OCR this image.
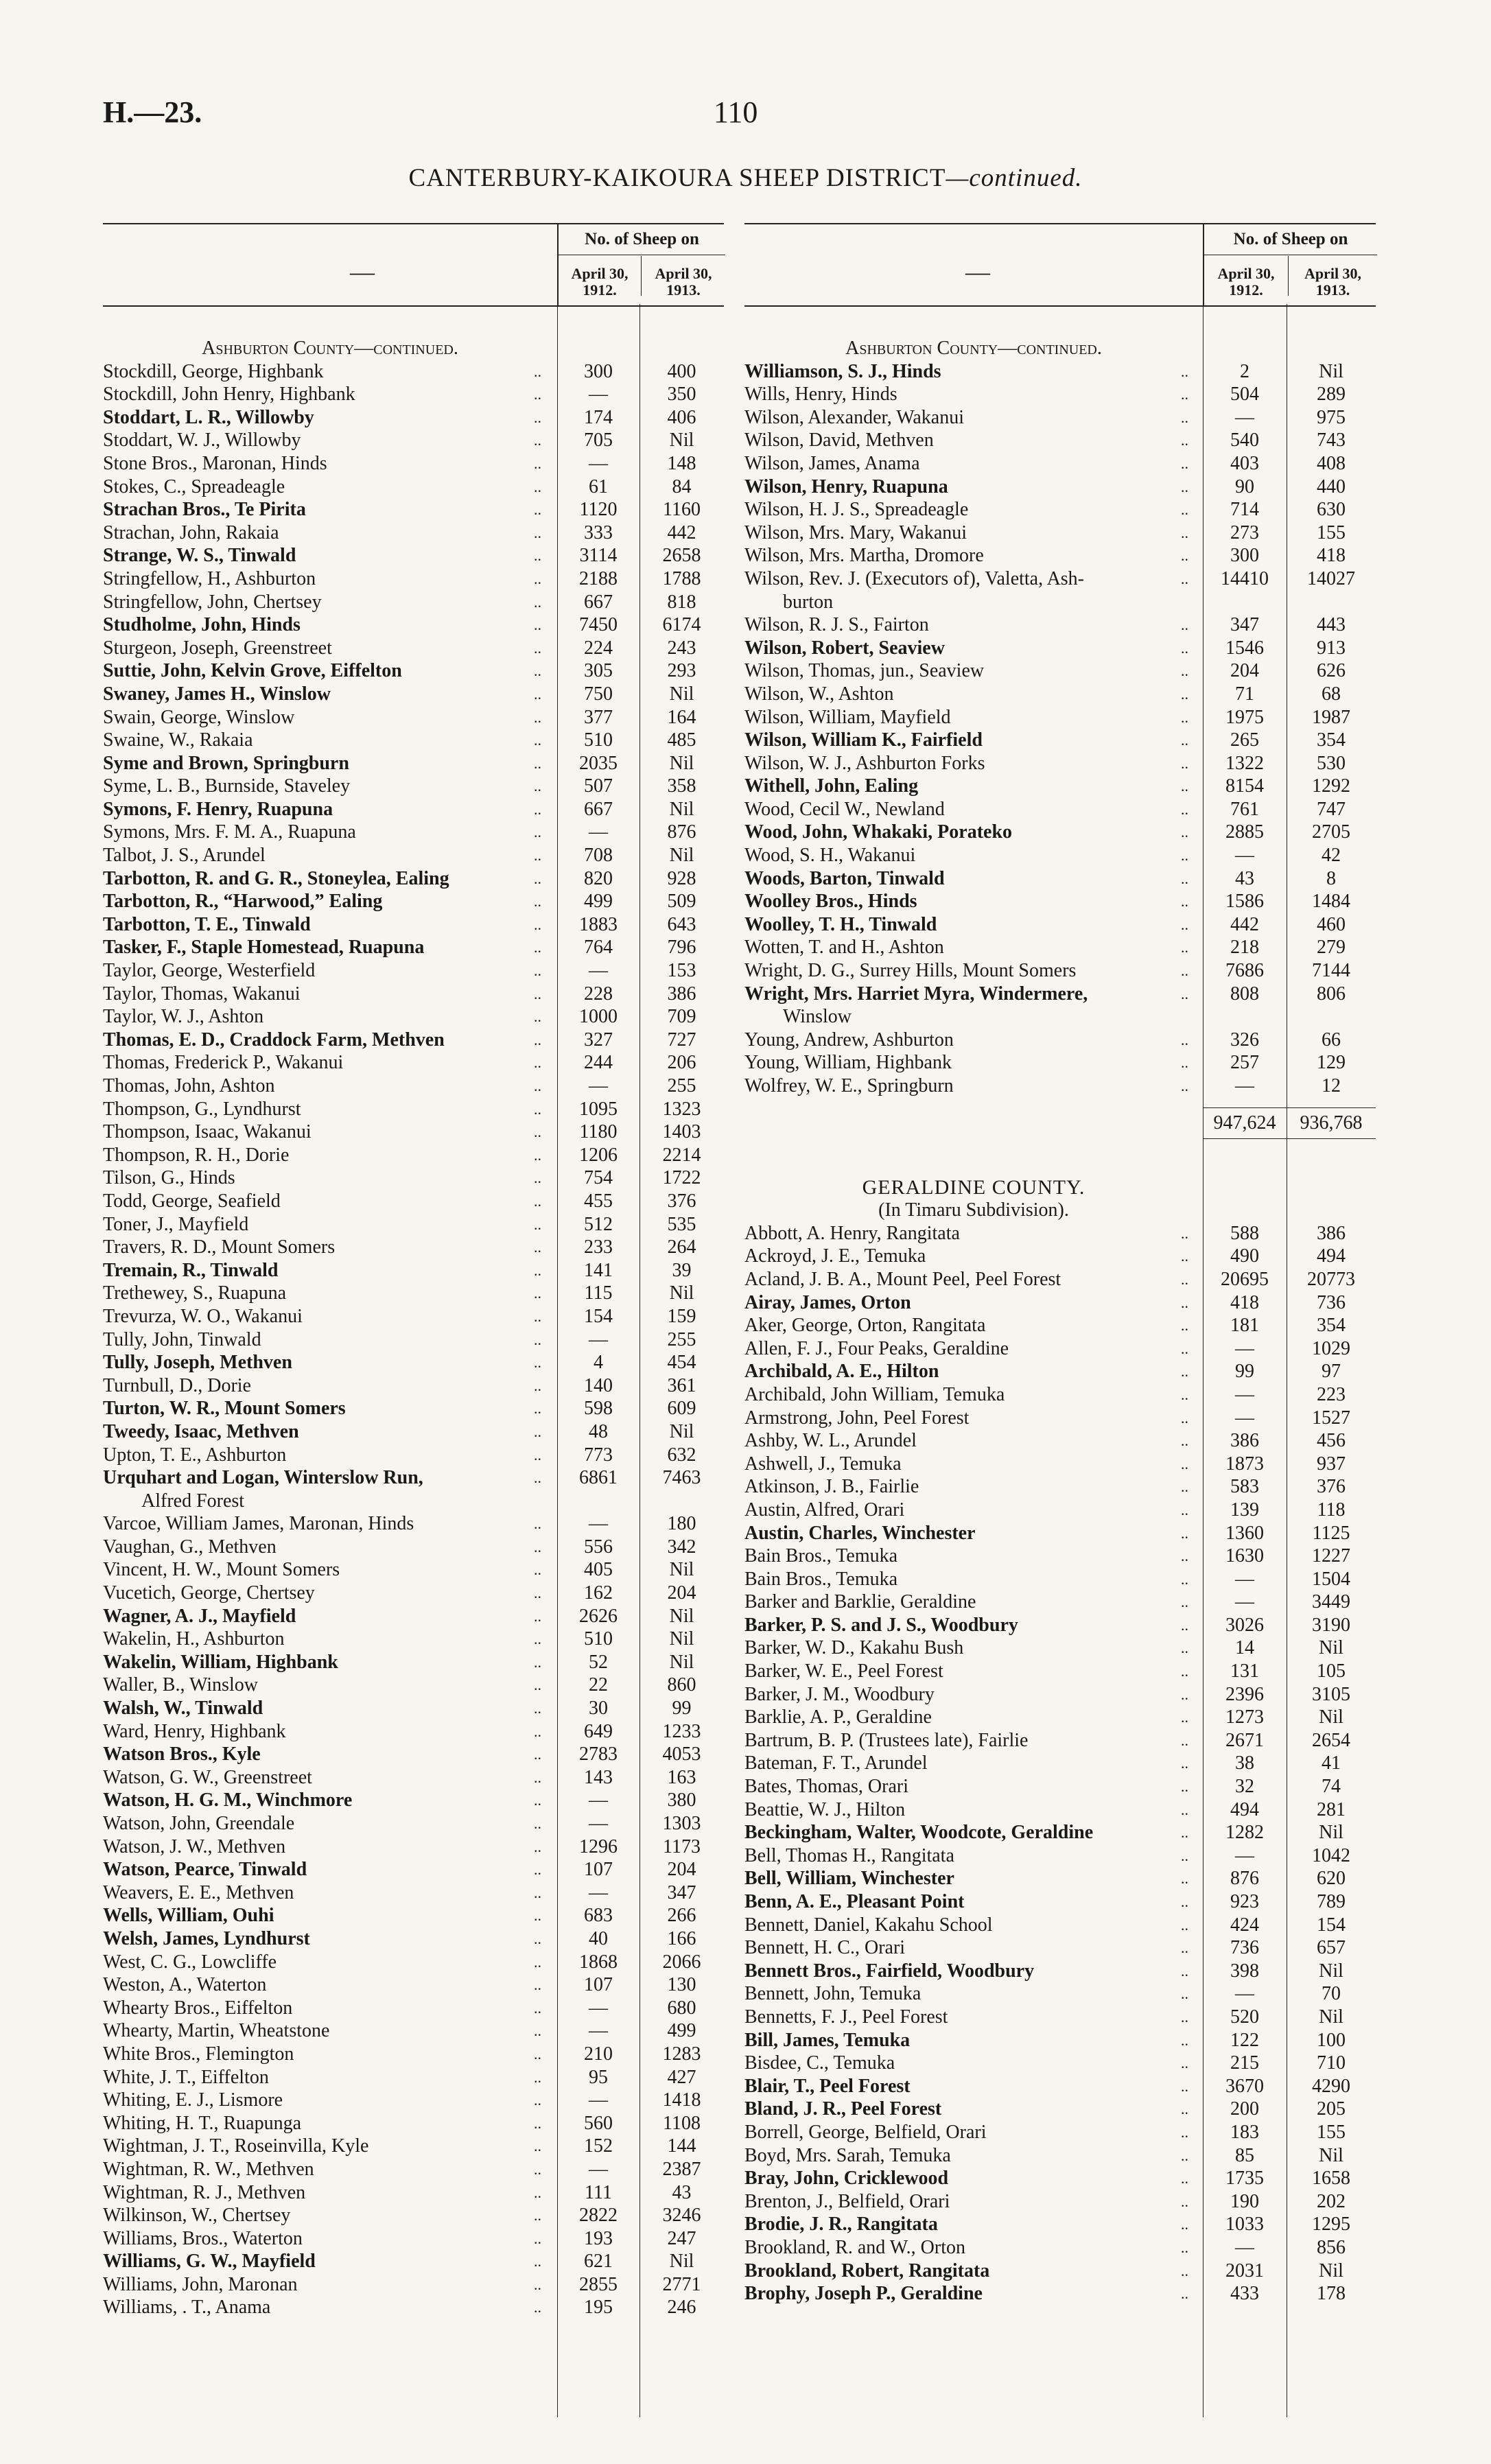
H.—23.	110
CANTERBURY-KAIKOURA SHEEP DISTRICT—continued.
—
No. of Sheep on
April 30,
1912.
April 30,
1913.
Ashburton County—continued.
Stockdill, George, Highbank	..	300	400
Stockdill, John Henry, Highbank	..	—	350
Stoddart, L. R., Willowby	..	174	406
Stoddart, W. J., Willowby	..	705	Nil
Stone Bros., Maronan, Hinds	..	—	148
Stokes, C., Spreadeagle	..	61	84
Strachan Bros., Te Pirita	..	1120	1160
Strachan, John, Rakaia	..	333	442
Strange, W. S., Tinwald	..	3114	2658
Stringfellow, H., Ashburton	..	2188	1788
Stringfellow, John, Chertsey	..	667	818
Studholme, John, Hinds	..	7450	6174
Sturgeon, Joseph, Greenstreet	..	224	243
Suttie, John, Kelvin Grove, Eiffelton	..	305	293
Swaney, James H., Winslow	..	750	Nil
Swain, George, Winslow	..	377	164
Swaine, W., Rakaia	..	510	485
Syme and Brown, Springburn	..	2035	Nil
Syme, L. B., Burnside, Staveley	..	507	358
Symons, F. Henry, Ruapuna	..	667	Nil
Symons, Mrs. F. M. A., Ruapuna	..	—	876
Talbot, J. S., Arundel	..	708	Nil
Tarbotton, R. and G. R., Stoneylea, Ealing	..	820	928
Tarbotton, R., “Harwood,” Ealing	..	499	509
Tarbotton, T. E., Tinwald	..	1883	643
Tasker, F., Staple Homestead, Ruapuna	..	764	796
Taylor, George, Westerfield	..	—	153
Taylor, Thomas, Wakanui	..	228	386
Taylor, W. J., Ashton	..	1000	709
Thomas, E. D., Craddock Farm, Methven	..	327	727
Thomas, Frederick P., Wakanui	..	244	206
Thomas, John, Ashton	..	—	255
Thompson, G., Lyndhurst	..	1095	1323
Thompson, Isaac, Wakanui	..	1180	1403
Thompson, R. H., Dorie	..	1206	2214
Tilson, G., Hinds	..	754	1722
Todd, George, Seafield	..	455	376
Toner, J., Mayfield	..	512	535
Travers, R. D., Mount Somers	..	233	264
Tremain, R., Tinwald	..	141	39
Trethewey, S., Ruapuna	..	115	Nil
Trevurza, W. O., Wakanui	..	154	159
Tully, John, Tinwald	..	—	255
Tully, Joseph, Methven	..	4	454
Turnbull, D., Dorie	..	140	361
Turton, W. R., Mount Somers	..	598	609
Tweedy, Isaac, Methven	..	48	Nil
Upton, T. E., Ashburton	..	773	632
Urquhart and Logan, Winterslow Run,	..	6861	7463
  Alfred Forest
Varcoe, William James, Maronan, Hinds	..	—	180
Vaughan, G., Methven	..	556	342
Vincent, H. W., Mount Somers	..	405	Nil
Vucetich, George, Chertsey	..	162	204
Wagner, A. J., Mayfield	..	2626	Nil
Wakelin, H., Ashburton	..	510	Nil
Wakelin, William, Highbank	..	52	Nil
Waller, B., Winslow	..	22	860
Walsh, W., Tinwald	..	30	99
Ward, Henry, Highbank	..	649	1233
Watson Bros., Kyle	..	2783	4053
Watson, G. W., Greenstreet	..	143	163
Watson, H. G. M., Winchmore	..	—	380
Watson, John, Greendale	..	—	1303
Watson, J. W., Methven	..	1296	1173
Watson, Pearce, Tinwald	..	107	204
Weavers, E. E., Methven	..	—	347
Wells, William, Ouhi	..	683	266
Welsh, James, Lyndhurst	..	40	166
West, C. G., Lowcliffe	..	1868	2066
Weston, A., Waterton	..	107	130
Whearty Bros., Eiffelton	..	—	680
Whearty, Martin, Wheatstone	..	—	499
White Bros., Flemington	..	210	1283
White, J. T., Eiffelton	..	95	427
Whiting, E. J., Lismore	..	—	1418
Whiting, H. T., Ruapunga	..	560	1108
Wightman, J. T., Roseinvilla, Kyle	..	152	144
Wightman, R. W., Methven	..	—	2387
Wightman, R. J., Methven	..	111	43
Wilkinson, W., Chertsey	..	2822	3246
Williams, Bros., Waterton	..	193	247
Williams, G. W., Mayfield	..	621	Nil
Williams, John, Maronan	..	2855	2771
Williams, . T., Anama	..	195	246
—
No. of Sheep on
April 30,
1912.
April 30,
1913.
Ashburton County—continued.
Williamson, S. J., Hinds	..	2	Nil
Wills, Henry, Hinds	..	504	289
Wilson, Alexander, Wakanui	..	—	975
Wilson, David, Methven	..	540	743
Wilson, James, Anama	..	403	408
Wilson, Henry, Ruapuna	..	90	440
Wilson, H. J. S., Spreadeagle	..	714	630
Wilson, Mrs. Mary, Wakanui	..	273	155
Wilson, Mrs. Martha, Dromore	..	300	418
Wilson, Rev. J. (Executors of), Valetta, Ash-	..	14410	14027
  burton
Wilson, R. J. S., Fairton	..	347	443
Wilson, Robert, Seaview	..	1546	913
Wilson, Thomas, jun., Seaview	..	204	626
Wilson, W., Ashton	..	71	68
Wilson, William, Mayfield	..	1975	1987
Wilson, William K., Fairfield	..	265	354
Wilson, W. J., Ashburton Forks	..	1322	530
Withell, John, Ealing	..	8154	1292
Wood, Cecil W., Newland	..	761	747
Wood, John, Whakaki, Porateko	..	2885	2705
Wood, S. H., Wakanui	..	—	42
Woods, Barton, Tinwald	..	43	8
Woolley Bros., Hinds	..	1586	1484
Woolley, T. H., Tinwald	..	442	460
Wotten, T. and H., Ashton	..	218	279
Wright, D. G., Surrey Hills, Mount Somers	..	7686	7144
Wright, Mrs. Harriet Myra, Windermere,	..	808	806
  Winslow
Young, Andrew, Ashburton	..	326	66
Young, William, Highbank	..	257	129
Wolfrey, W. E., Springburn	..	—	12
947,624	936,768
GERALDINE COUNTY.
(In Timaru Subdivision).
Abbott, A. Henry, Rangitata	..	588	386
Ackroyd, J. E., Temuka	..	490	494
Acland, J. B. A., Mount Peel, Peel Forest	..	20695	20773
Airay, James, Orton	..	418	736
Aker, George, Orton, Rangitata	..	181	354
Allen, F. J., Four Peaks, Geraldine	..	—	1029
Archibald, A. E., Hilton	..	99	97
Archibald, John William, Temuka	..	—	223
Armstrong, John, Peel Forest	..	—	1527
Ashby, W. L., Arundel	..	386	456
Ashwell, J., Temuka	..	1873	937
Atkinson, J. B., Fairlie	..	583	376
Austin, Alfred, Orari	..	139	118
Austin, Charles, Winchester	..	1360	1125
Bain Bros., Temuka	..	1630	1227
Bain Bros., Temuka	..	—	1504
Barker and Barklie, Geraldine	..	—	3449
Barker, P. S. and J. S., Woodbury	..	3026	3190
Barker, W. D., Kakahu Bush	..	14	Nil
Barker, W. E., Peel Forest	..	131	105
Barker, J. M., Woodbury	..	2396	3105
Barklie, A. P., Geraldine	..	1273	Nil
Bartrum, B. P. (Trustees late), Fairlie	..	2671	2654
Bateman, F. T., Arundel	..	38	41
Bates, Thomas, Orari	..	32	74
Beattie, W. J., Hilton	..	494	281
Beckingham, Walter, Woodcote, Geraldine	..	1282	Nil
Bell, Thomas H., Rangitata	..	—	1042
Bell, William, Winchester	..	876	620
Benn, A. E., Pleasant Point	..	923	789
Bennett, Daniel, Kakahu School	..	424	154
Bennett, H. C., Orari	..	736	657
Bennett Bros., Fairfield, Woodbury	..	398	Nil
Bennett, John, Temuka	..	—	70
Bennetts, F. J., Peel Forest	..	520	Nil
Bill, James, Temuka	..	122	100
Bisdee, C., Temuka	..	215	710
Blair, T., Peel Forest	..	3670	4290
Bland, J. R., Peel Forest	..	200	205
Borrell, George, Belfield, Orari	..	183	155
Boyd, Mrs. Sarah, Temuka	..	85	Nil
Bray, John, Cricklewood	..	1735	1658
Brenton, J., Belfield, Orari	..	190	202
Brodie, J. R., Rangitata	..	1033	1295
Brookland, R. and W., Orton	..	—	856
Brookland, Robert, Rangitata	..	2031	Nil
Brophy, Joseph P., Geraldine	..	433	178
